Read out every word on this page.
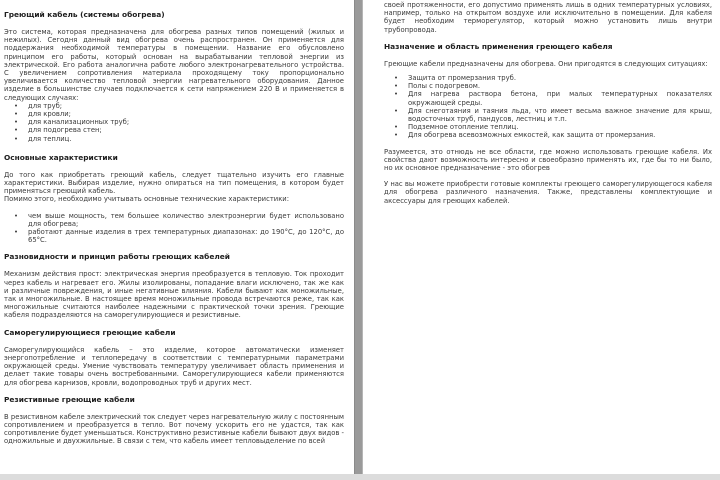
Греющий кабель (системы обогрева)

Это система, которая предназначена для обогрева разных типов помещений (жилых и нежилых). Сегодня данный вид обогрева очень распространен. Он применяется для поддержания необходимой температуры в помещении. Название его обусловлено принципом его работы, который основан на вырабатывании тепловой энергии из электрической. Его работа аналогична работе любого электронагревательного устройства. С увеличением сопротивления материала проходящему току пропорционально увеличивается количество тепловой энергии нагревательного оборудования. Данное изделие в большинстве случаев подключается к сети напряжением 220 В и применяется в следующих случаях:

• для труб;
• для кровли;
• для канализационных труб;
• для подогрева стен;
• для теплиц.
Основные характеристики

До того как приобретать греющий кабель, следует тщательно изучить его главные характеристики. Выбирая изделие, нужно опираться на тип помещения, в котором будет применяться греющий кабель.

Помимо этого, необходимо учитывать основные технические характеристики:

• чем выше мощность, тем большее количество электроэнергии будет использовано для обогрева;
• работают данные изделия в трех температурных диапазонах: до 190°С, до 120°С, до 65°С.
Разновидности и принцип работы греющих кабелей

Механизм действия прост: электрическая энергия преобразуется в тепловую. Ток проходит через кабель и нагревает его. Жилы изолированы, попадание влаги исключено, так же как и различные повреждения, и иные негативные влияния. Кабели бывают как моножильные, так и многожильные. В настоящее время моножильные провода встречаются реже, так как многожильные считаются наиболее надежными с практической точки зрения. Греющие кабеля подразделяются на саморегулирующиеся и резистивные.

Саморегулирующиеся греющие кабели

Саморегулирующийся кабель – это изделие, которое автоматически изменяет энергопотребление и теплопередачу в соответствии с температурными параметрами окружающей среды. Умение чувствовать температуру увеличивает область применения и делает такие товары очень востребованными. Саморегулирующиеся кабели применяются для обогрева карнизов, кровли, водопроводных труб и других мест.

Резистивные греющие кабели

В резистивном кабеле электрический ток следует через нагревательную жилу с постоянным сопротивлением и преобразуется в тепло. Вот почему ускорить его не удастся, так как сопротивление будет уменьшаться. Конструктивно резистивные кабели бывают двух видов - одножильные и двухжильные. В связи с тем, что кабель имеет тепловыделение по всей

своей протяженности, его допустимо применять лишь в одних температурных условиях, например, только на открытом воздухе или исключительно в помещении. Для кабеля будет необходим терморегулятор, который можно установить лишь внутри трубопровода.

Назначение и область применения греющего кабеля

Греющие кабели предназначены для обогрева. Они пригодятся в следующих ситуациях:

• Защита от промерзания труб.
• Полы с подогревом.
• Для нагрева раствора бетона, при малых температурных показателях окружающей среды.
• Для снеготаяния и таяния льда, что имеет весьма важное значение для крыш, водосточных труб, пандусов, лестниц и т.п.
• Подземное отопление теплиц.
• Для обогрева всевозможных емкостей, как защита от промерзания.

Разумеется, это отнюдь не все области, где можно использовать греющие кабеля. Их свойства дают возможность интересно и своеобразно применять их, где бы то ни было, но их основное предназначение - это обогрев

У нас вы можете приобрести готовые комплекты греющего саморегулирующегося кабеля для обогрева различного назначения. Также, представлены комплектующие и аксессуары для греющих кабелей.
